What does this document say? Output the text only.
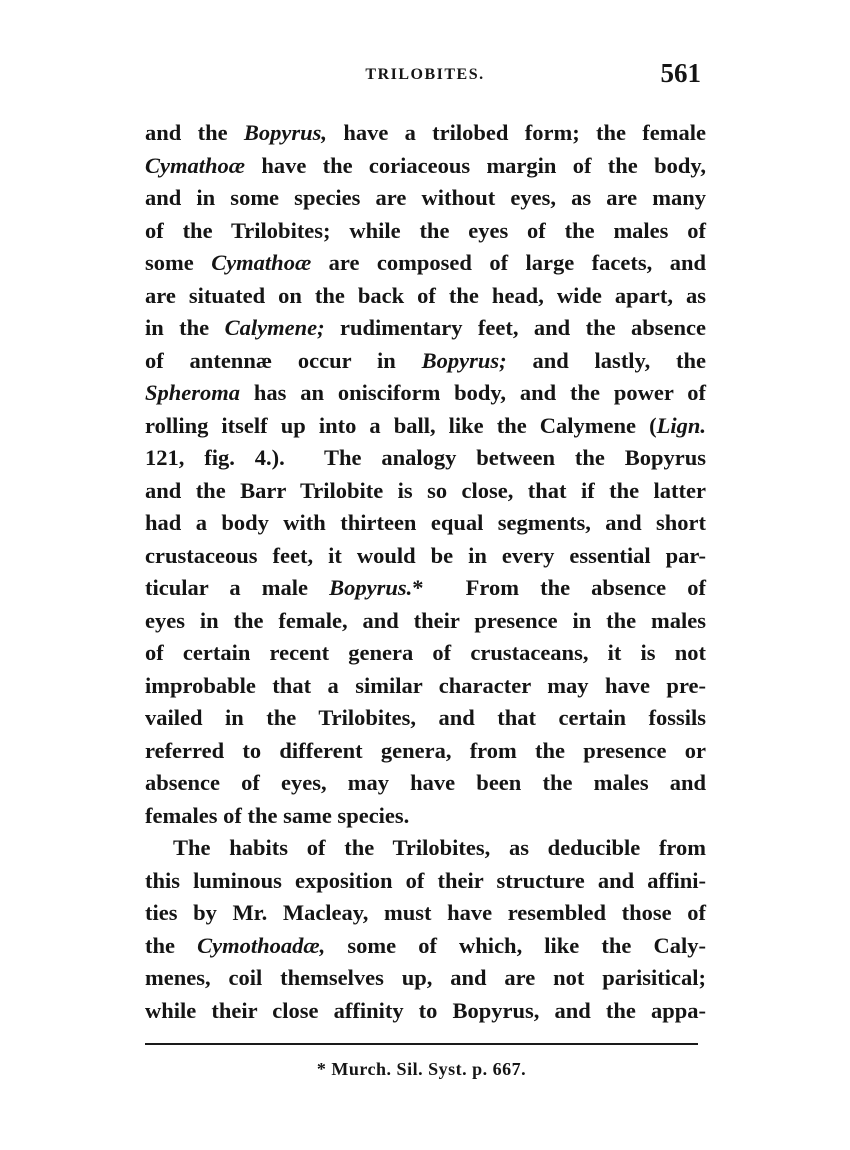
TRILOBITES.	561
and the Bopyrus, have a trilobed form; the female
Cymathoæ have the coriaceous margin of the body,
and in some species are without eyes, as are many
of the Trilobites; while the eyes of the males of
some Cymathoæ are composed of large facets, and
are situated on the back of the head, wide apart, as
in the Calymene; rudimentary feet, and the absence
of antennæ occur in Bopyrus; and lastly, the
Spheroma has an onisciform body, and the power of
rolling itself up into a ball, like the Calymene (Lign.
121, fig. 4.).  The analogy between the Bopyrus
and the Barr Trilobite is so close, that if the latter
had a body with thirteen equal segments, and short
crustaceous feet, it would be in every essential par-
ticular a male Bopyrus.*  From the absence of
eyes in the female, and their presence in the males
of certain recent genera of crustaceans, it is not
improbable that a similar character may have pre-
vailed in the Trilobites, and that certain fossils
referred to different genera, from the presence or
absence of eyes, may have been the males and
females of the same species.
The habits of the Trilobites, as deducible from
this luminous exposition of their structure and affini-
ties by Mr. Macleay, must have resembled those of
the Cymothoadæ, some of which, like the Caly-
menes, coil themselves up, and are not parisitical;
while their close affinity to Bopyrus, and the appa-
* Murch. Sil. Syst. p. 667.
